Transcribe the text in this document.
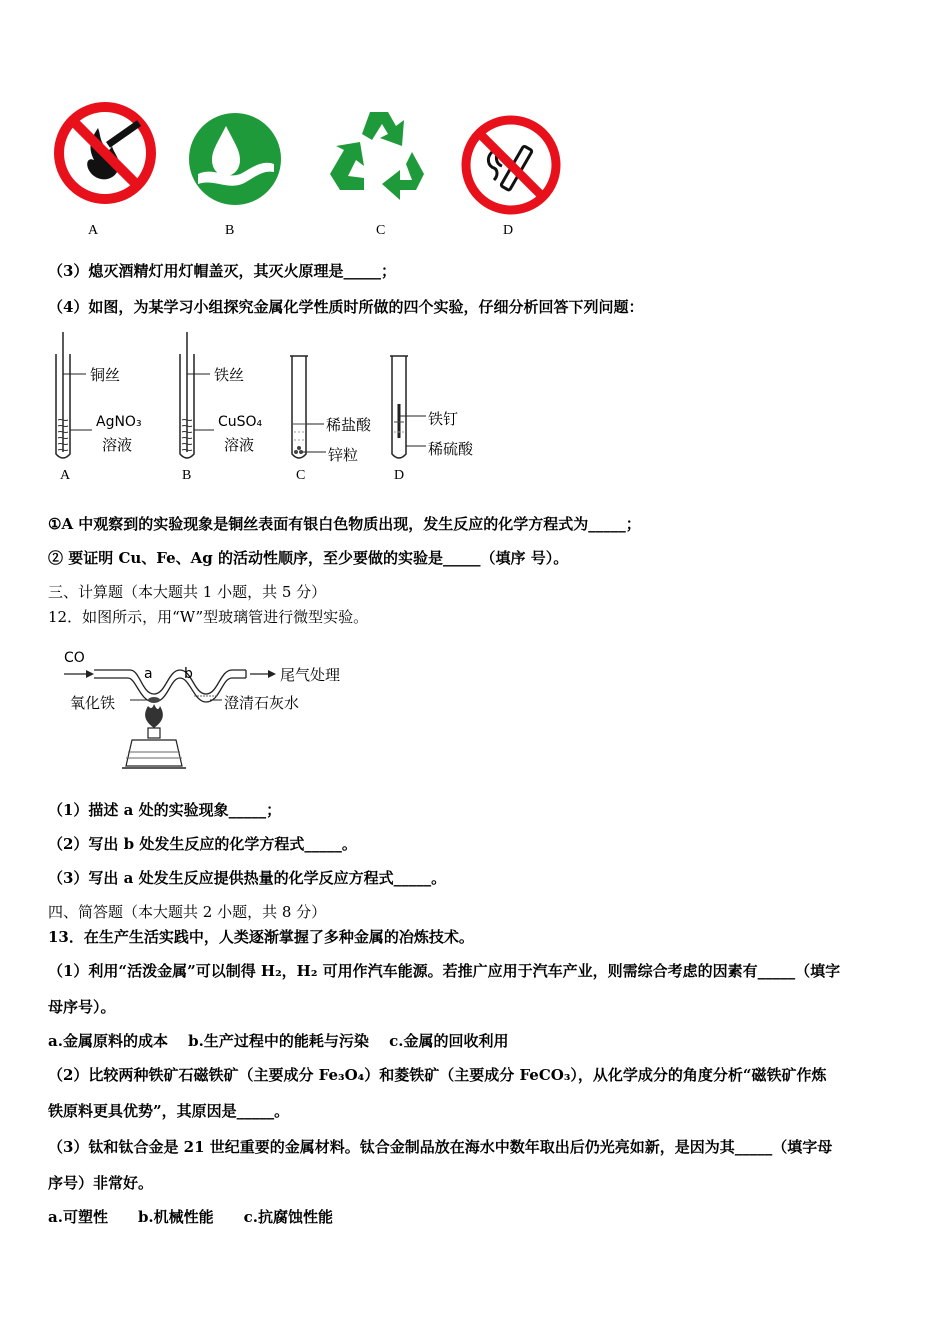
A	B	C	D
（3）熄灭酒精灯用灯帽盖灭，其灭火原理是_____；
（4）如图，为某学习小组探究金属化学性质时所做的四个实验，仔细分析回答下列问题：
铜丝
AgNO₃
溶液
铁丝
CuSO₄
溶液
稀盐酸
锌粒
铁钉
稀硫酸
A	B	C	D
①A 中观察到的实验现象是铜丝表面有银白色物质出现，发生反应的化学方程式为_____；
② 要证明 Cu、Fe、Ag 的活动性顺序，至少要做的实验是_____（填序 号）。
三、计算题（本大题共 1 小题，共 5 分）
12．如图所示，用“W”型玻璃管进行微型实验。
CO
a b	尾气处理
氧化铁	澄清石灰水
（1）描述 a 处的实验现象_____；
（2）写出 b 处发生反应的化学方程式_____。
（3）写出 a 处发生反应提供热量的化学反应方程式_____。
四、简答题（本大题共 2 小题，共 8 分）
13．在生产生活实践中，人类逐渐掌握了多种金属的冶炼技术。
（1）利用“活泼金属”可以制得 H₂，H₂ 可用作汽车能源。若推广应用于汽车产业，则需综合考虑的因素有_____（填字
母序号）。
a.金属原料的成本　 b.生产过程中的能耗与污染　 c.金属的回收利用
（2）比较两种铁矿石磁铁矿（主要成分 Fe₃O₄）和菱铁矿（主要成分 FeCO₃），从化学成分的角度分析“磁铁矿作炼
铁原料更具优势”，其原因是_____。
（3）钛和钛合金是 21 世纪重要的金属材料。钛合金制品放在海水中数年取出后仍光亮如新，是因为其_____（填字母
序号）非常好。
a.可塑性　　b.机械性能　　c.抗腐蚀性能
